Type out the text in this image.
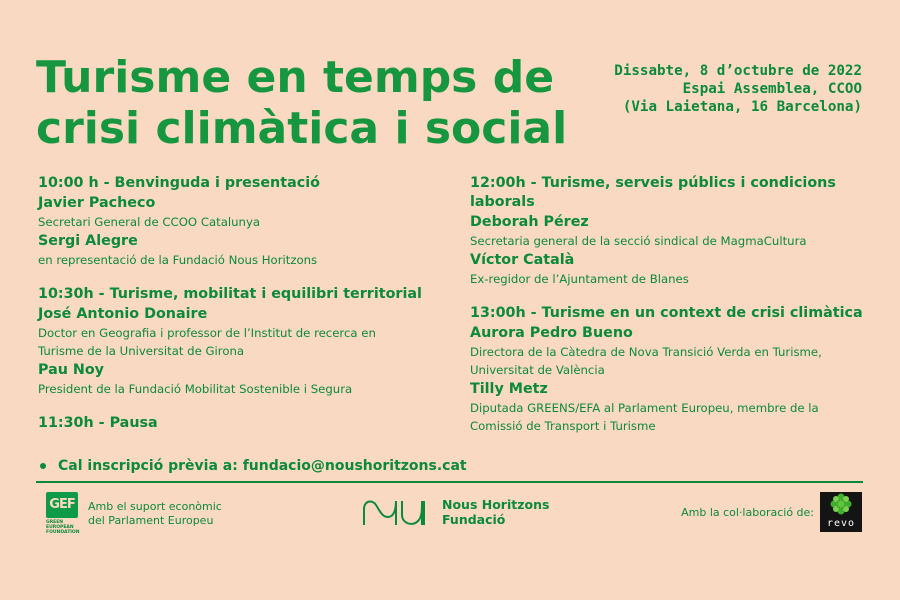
Turisme en temps de
crisi climàtica i social
Dissabte, 8 d’octubre de 2022
Espai Assemblea, CCOO
(Via Laietana, 16 Barcelona)
10:00 h - Benvinguda i presentació
Javier Pacheco
Secretari General de CCOO Catalunya
Sergi Alegre
en representació de la Fundació Nous Horitzons
10:30h - Turisme, mobilitat i equilibri territorial
José Antonio Donaire
Doctor en Geografia i professor de l’Institut de recerca en
Turisme de la Universitat de Girona
Pau Noy
President de la Fundació Mobilitat Sostenible i Segura
11:30h - Pausa
12:00h - Turisme, serveis públics i condicions
laborals
Deborah Pérez
Secretaria general de la secció sindical de MagmaCultura
Víctor Català
Ex-regidor de l’Ajuntament de Blanes
13:00h - Turisme en un context de crisi climàtica
Aurora Pedro Bueno
Directora de la Càtedra de Nova Transició Verda en Turisme,
Universitat de València
Tilly Metz
Diputada GREENS/EFA al Parlament Europeu, membre de la
Comissió de Transport i Turisme
Cal inscripció prèvia a: fundacio@noushoritzons.cat
GEF
GREEN EUROPEAN FOUNDATION
Amb el suport econòmic
del Parlament Europeu
Nous Horitzons
Fundació	Amb la col·laboració de:
revo
